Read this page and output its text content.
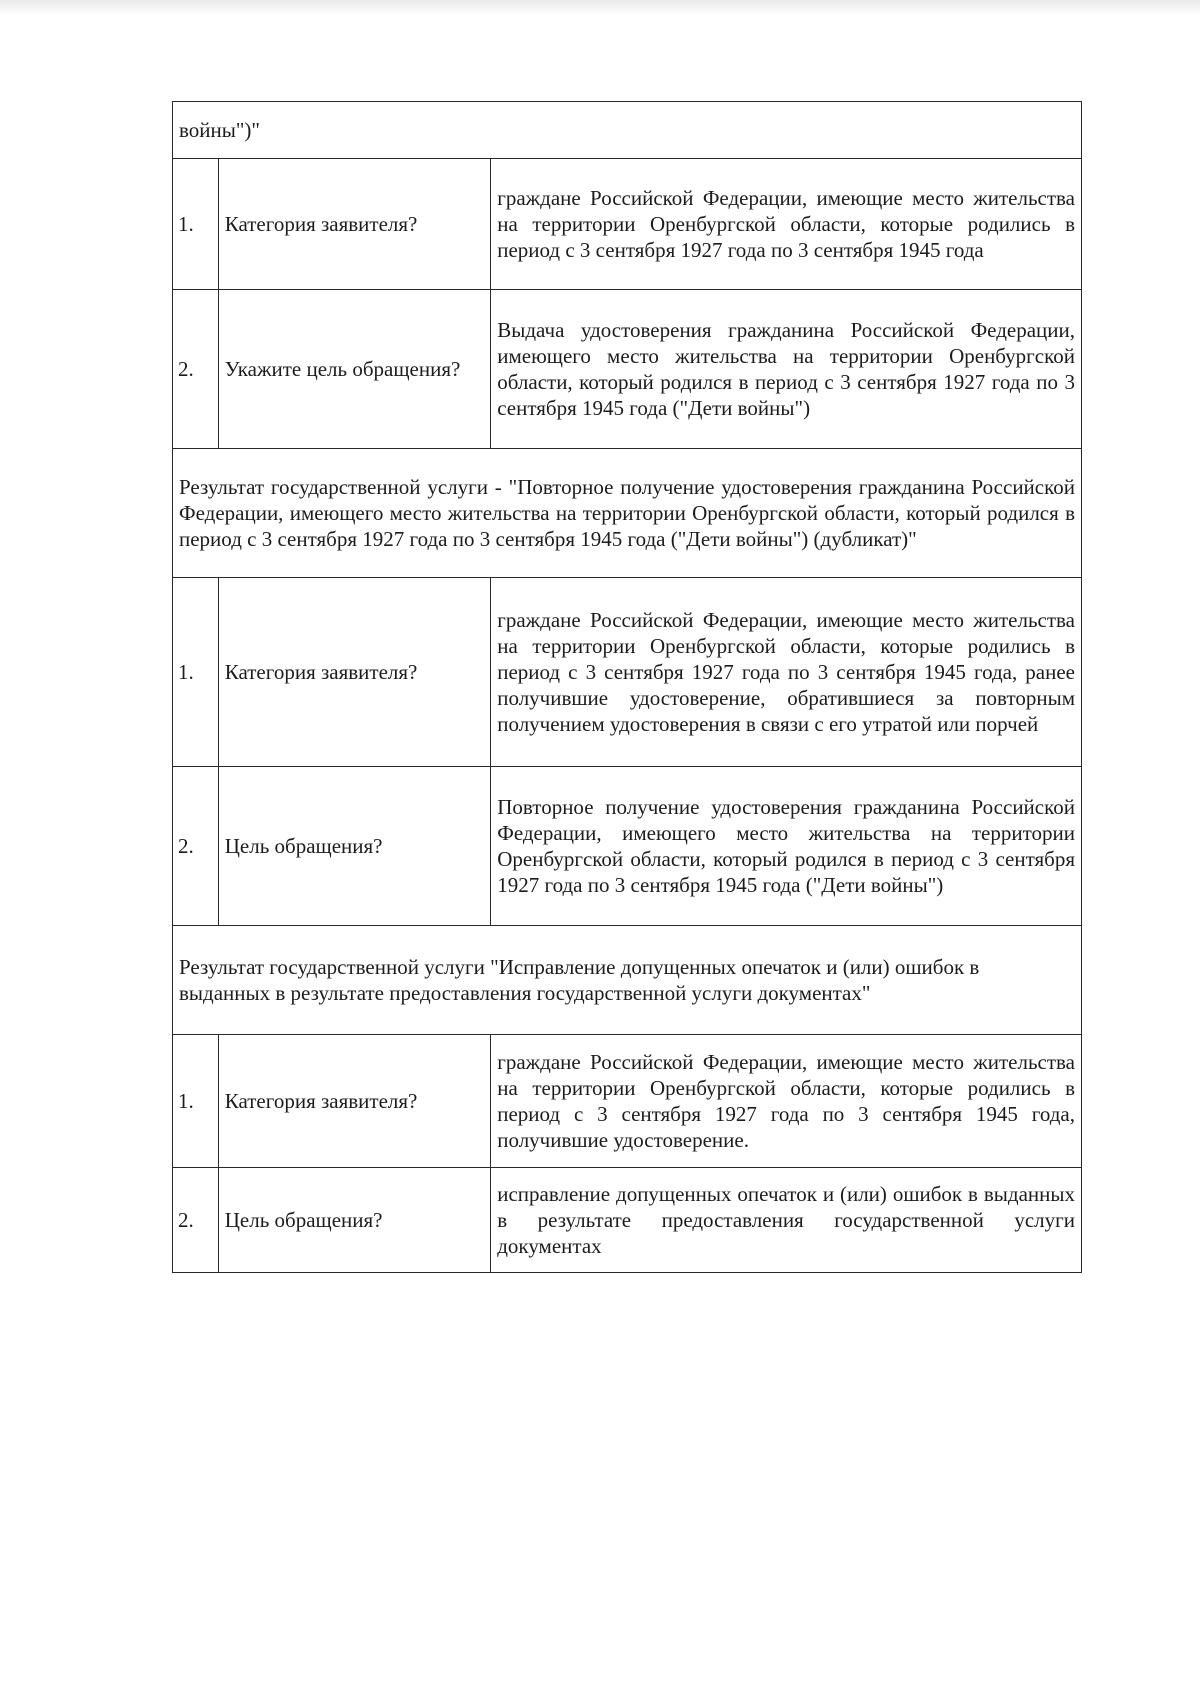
войны")"		
1.	Категория заявителя?	граждане Российской Федерации, имеющие место жительства на территории Оренбургской области, которые родились в период с 3 сентября 1927 года по 3 сентября 1945 года
2.	Укажите цель обращения?	Выдача удостоверения гражданина Российской Федерации, имеющего место жительства на территории Оренбургской области, который родился в период с 3 сентября 1927 года по 3 сентября 1945 года ("Дети войны")
Результат государственной услуги - "Повторное получение удостоверения гражданина Российской Федерации, имеющего место жительства на территории Оренбургской области, который родился в период с 3 сентября 1927 года по 3 сентября 1945 года ("Дети войны") (дубликат)"		
1.	Категория заявителя?	граждане Российской Федерации, имеющие место жительства на территории Оренбургской области, которые родились в период с 3 сентября 1927 года по 3 сентября 1945 года, ранее получившие удостоверение, обратившиеся за повторным получением удостоверения в связи с его утратой или порчей
2.	Цель обращения?	Повторное получение удостоверения гражданина Российской Федерации, имеющего место жительства на территории Оренбургской области, который родился в период с 3 сентября 1927 года по 3 сентября 1945 года ("Дети войны")
Результат государственной услуги "Исправление допущенных опечаток и (или) ошибок в выданных в результате предоставления государственной услуги документах"		
1.	Категория заявителя?	граждане Российской Федерации, имеющие место жительства на территории Оренбургской области, которые родились в период с 3 сентября 1927 года по 3 сентября 1945 года, получившие удостоверение.
2.	Цель обращения?	исправление допущенных опечаток и (или) ошибок в выданных в результате предоставления государственной услуги документах
